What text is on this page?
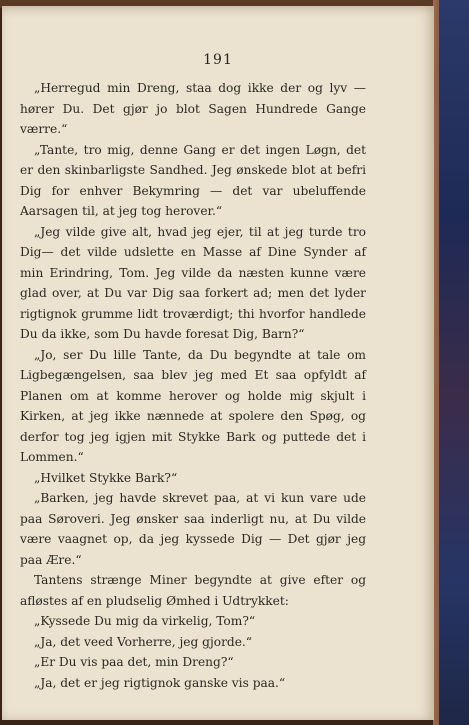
191

„Herregud min Dreng, staa dog ikke der og lyv — hører Du. Det gjør jo blot Sagen Hundrede Gange værre.“

„Tante, tro mig, denne Gang er det ingen Løgn, det er den skinbarligste Sandhed. Jeg ønskede blot at befri Dig for enhver Bekymring — det var ubeluffende Aarsagen til, at jeg tog herover.“

„Jeg vilde give alt, hvad jeg ejer, til at jeg turde tro Dig— det vilde udslette en Masse af Dine Synder af min Erindring, Tom. Jeg vilde da næsten kunne være glad over, at Du var Dig saa forkert ad; men det lyder rigtignok grumme lidt troværdigt; thi hvorfor handlede Du da ikke, som Du havde foresat Dig, Barn?“

„Jo, ser Du lille Tante, da Du begyndte at tale om Ligbegængelsen, saa blev jeg med Et saa opfyldt af Planen om at komme herover og holde mig skjult i Kirken, at jeg ikke nænnede at spolere den Spøg, og derfor tog jeg igjen mit Stykke Bark og puttede det i Lommen.“

„Hvilket Stykke Bark?“

„Barken, jeg havde skrevet paa, at vi kun vare ude paa Søroveri. Jeg ønsker saa inderligt nu, at Du vilde være vaagnet op, da jeg kyssede Dig — Det gjør jeg paa Ære.“

Tantens strænge Miner begyndte at give efter og afløstes af en pludselig Ømhed i Udtrykket:

„Kyssede Du mig da virkelig, Tom?“

„Ja, det veed Vorherre, jeg gjorde.“

„Er Du vis paa det, min Dreng?“

„Ja, det er jeg rigtignok ganske vis paa.“
